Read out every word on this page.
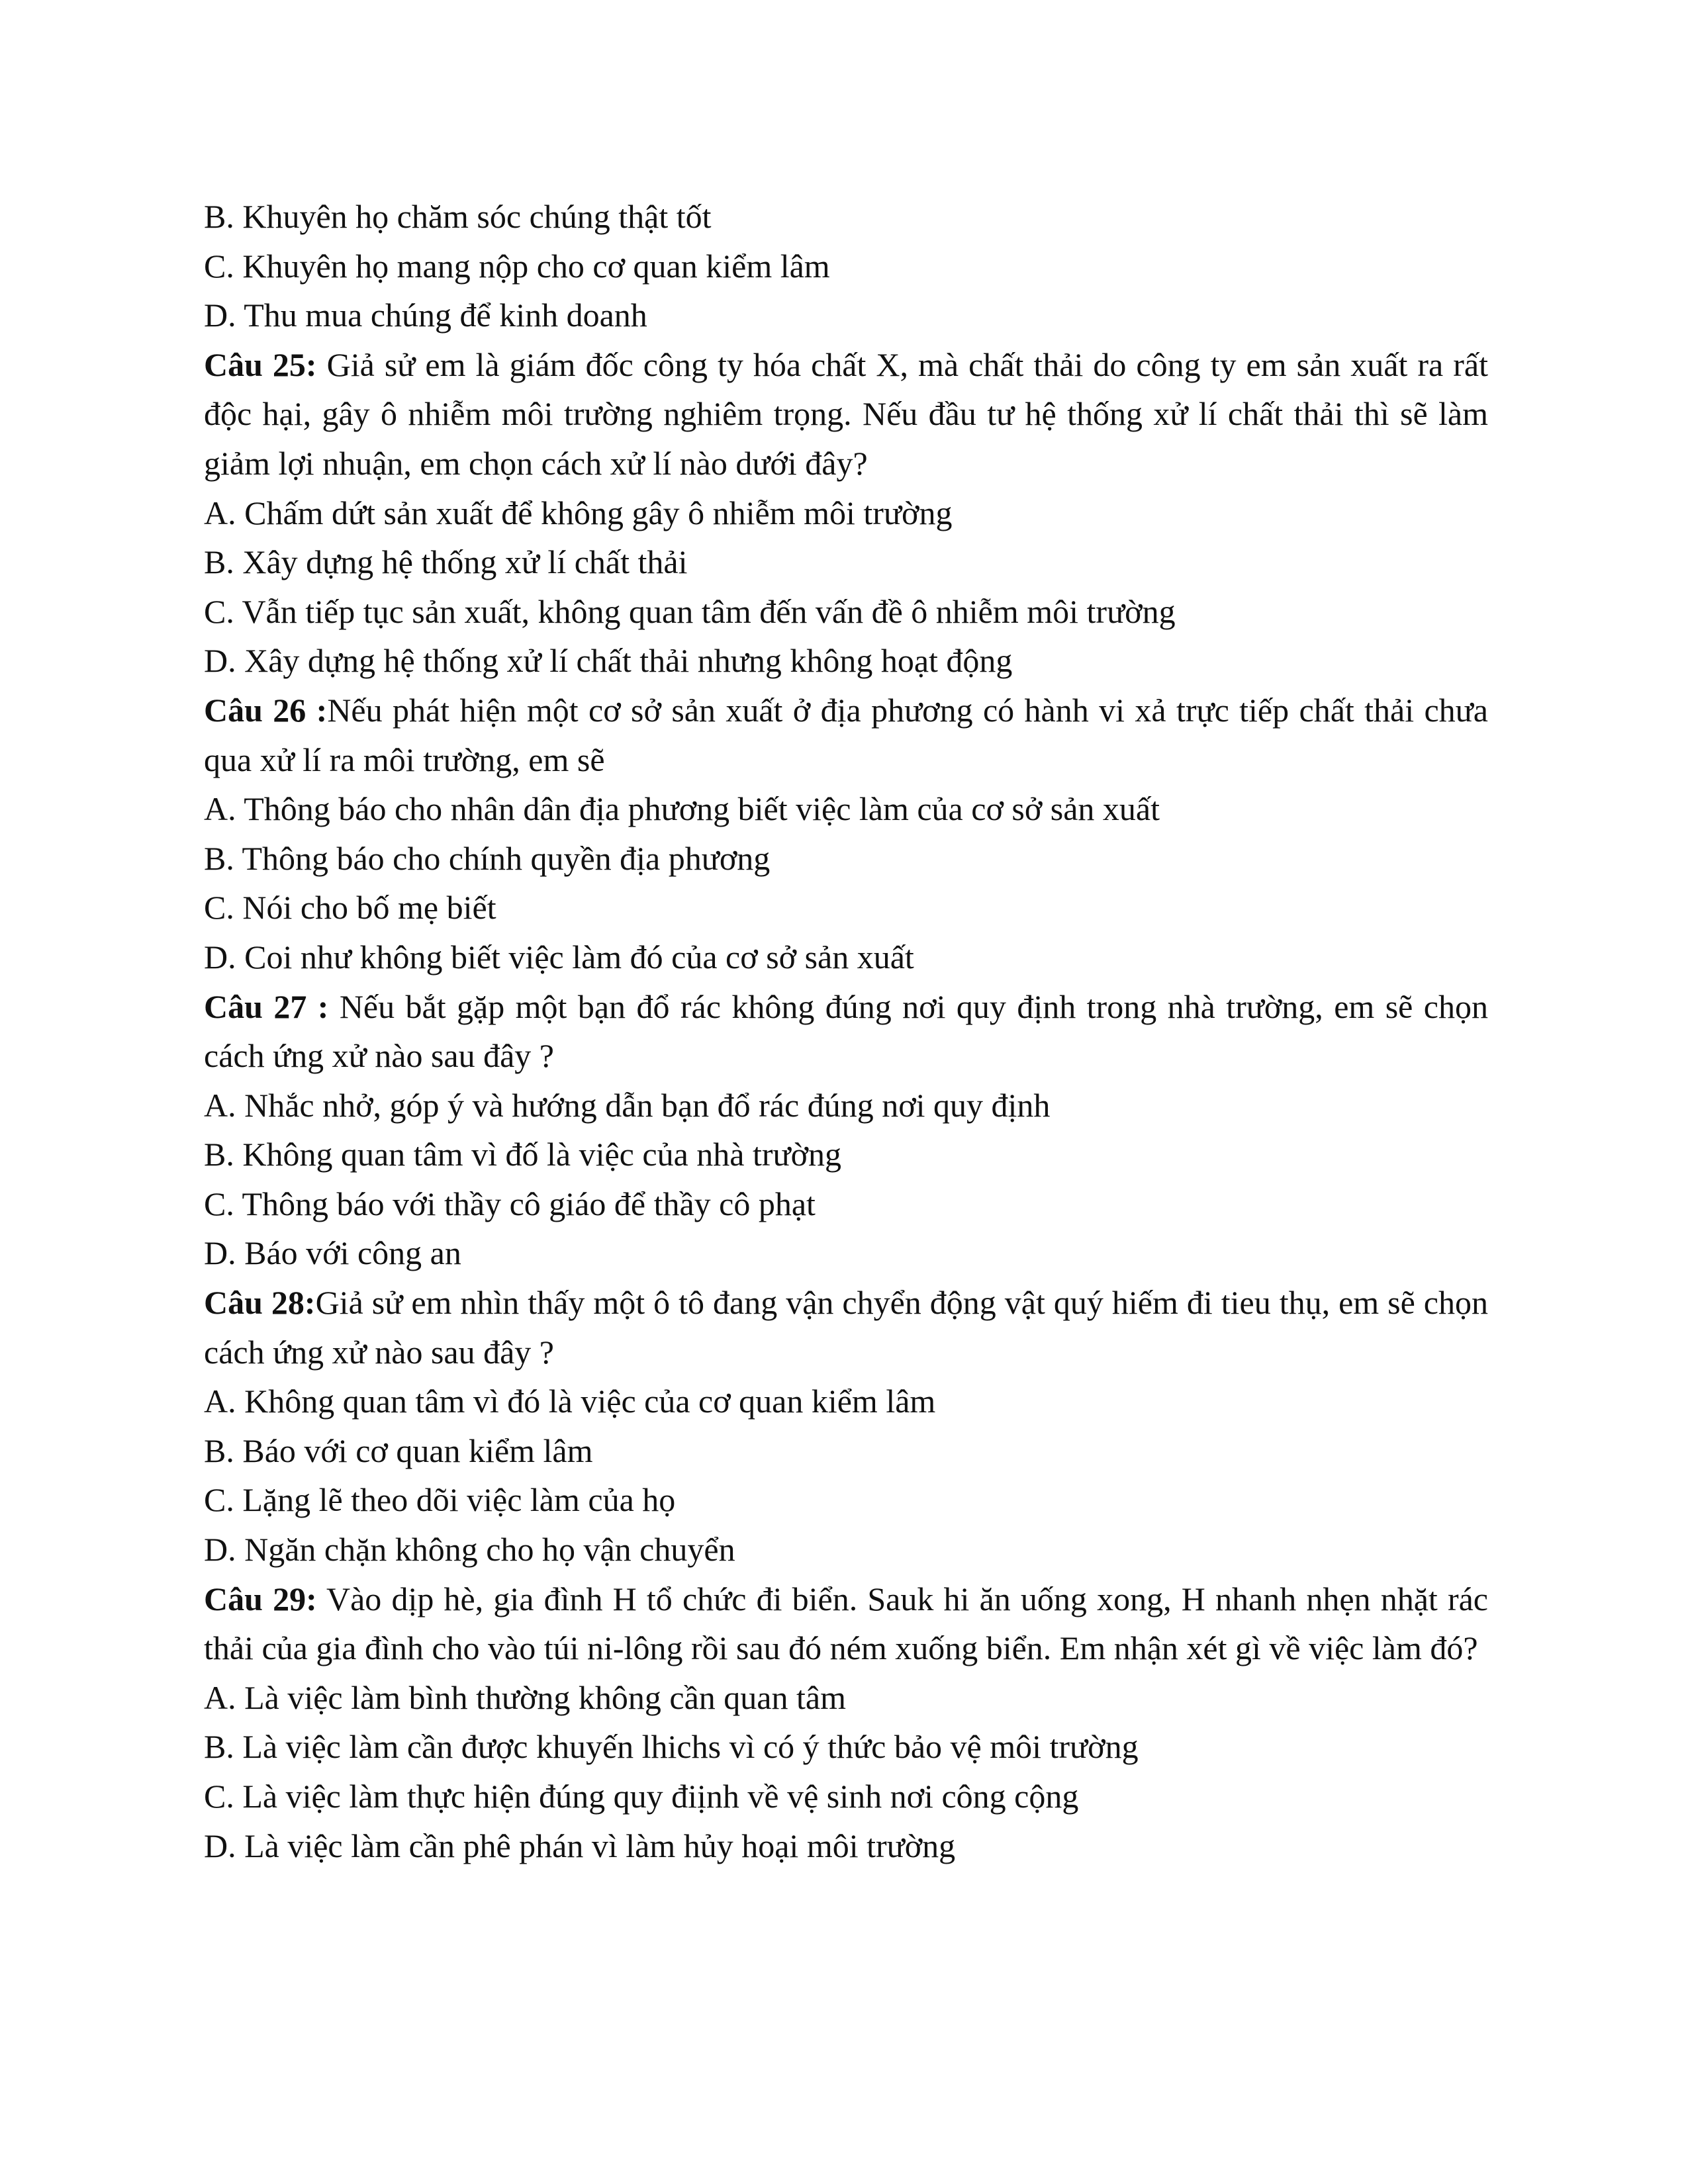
B. Khuyên họ chăm sóc chúng thật tốt
C. Khuyên họ mang nộp cho cơ quan kiểm lâm
D. Thu mua chúng để kinh doanh

Câu 25: Giả sử em là giám đốc công ty hóa chất X, mà chất thải do công ty em sản xuất ra rất độc hại, gây ô nhiễm môi trường nghiêm trọng. Nếu đầu tư hệ thống xử lí chất thải thì sẽ làm giảm lợi nhuận, em chọn cách xử lí nào dưới đây?

A. Chấm dứt sản xuất để không gây ô nhiễm môi trường
B. Xây dựng hệ thống xử lí chất thải
C. Vẫn tiếp tục sản xuất, không quan tâm đến vấn đề ô nhiễm môi trường
D. Xây dựng hệ thống xử lí chất thải nhưng không hoạt động

Câu 26 :Nếu phát hiện một cơ sở sản xuất ở địa phương có hành vi xả trực tiếp chất thải chưa qua xử lí ra môi trường, em sẽ

A. Thông báo cho nhân dân địa phương biết việc làm của cơ sở sản xuất
B. Thông báo cho chính quyền địa phương
C. Nói cho bố mẹ biết
D. Coi như không biết việc làm đó của cơ sở sản xuất

Câu 27 : Nếu bắt gặp một bạn đổ rác không đúng nơi quy định trong nhà trường, em sẽ chọn cách ứng xử nào sau đây ?

A. Nhắc nhở, góp ý và hướng dẫn bạn đổ rác đúng nơi quy định
B. Không quan tâm vì đố là việc của nhà trường
C. Thông báo với thầy cô giáo để thầy cô phạt
D. Báo với công an

Câu 28:Giả sử em nhìn thấy một ô tô đang vận chyển động vật quý hiếm đi tieu thụ, em sẽ chọn cách ứng xử nào sau đây ?

A. Không quan tâm vì đó là việc của cơ quan kiểm lâm
B. Báo với cơ quan kiểm lâm
C. Lặng lẽ theo dõi việc làm của họ
D. Ngăn chặn không cho họ vận chuyển

Câu 29: Vào dịp hè, gia đình H tổ chức đi biển. Sauk hi ăn uống xong, H nhanh nhẹn nhặt rác thải của gia đình cho vào túi ni-lông rồi sau đó ném xuống biển. Em nhận xét gì về việc làm đó?

A. Là việc làm bình thường không cần quan tâm
B. Là việc làm cần được khuyến lhichs vì có ý thức bảo vệ môi trường
C. Là việc làm thực hiện đúng quy điịnh về vệ sinh nơi công cộng
D. Là việc làm cần phê phán vì làm hủy hoại môi trường
